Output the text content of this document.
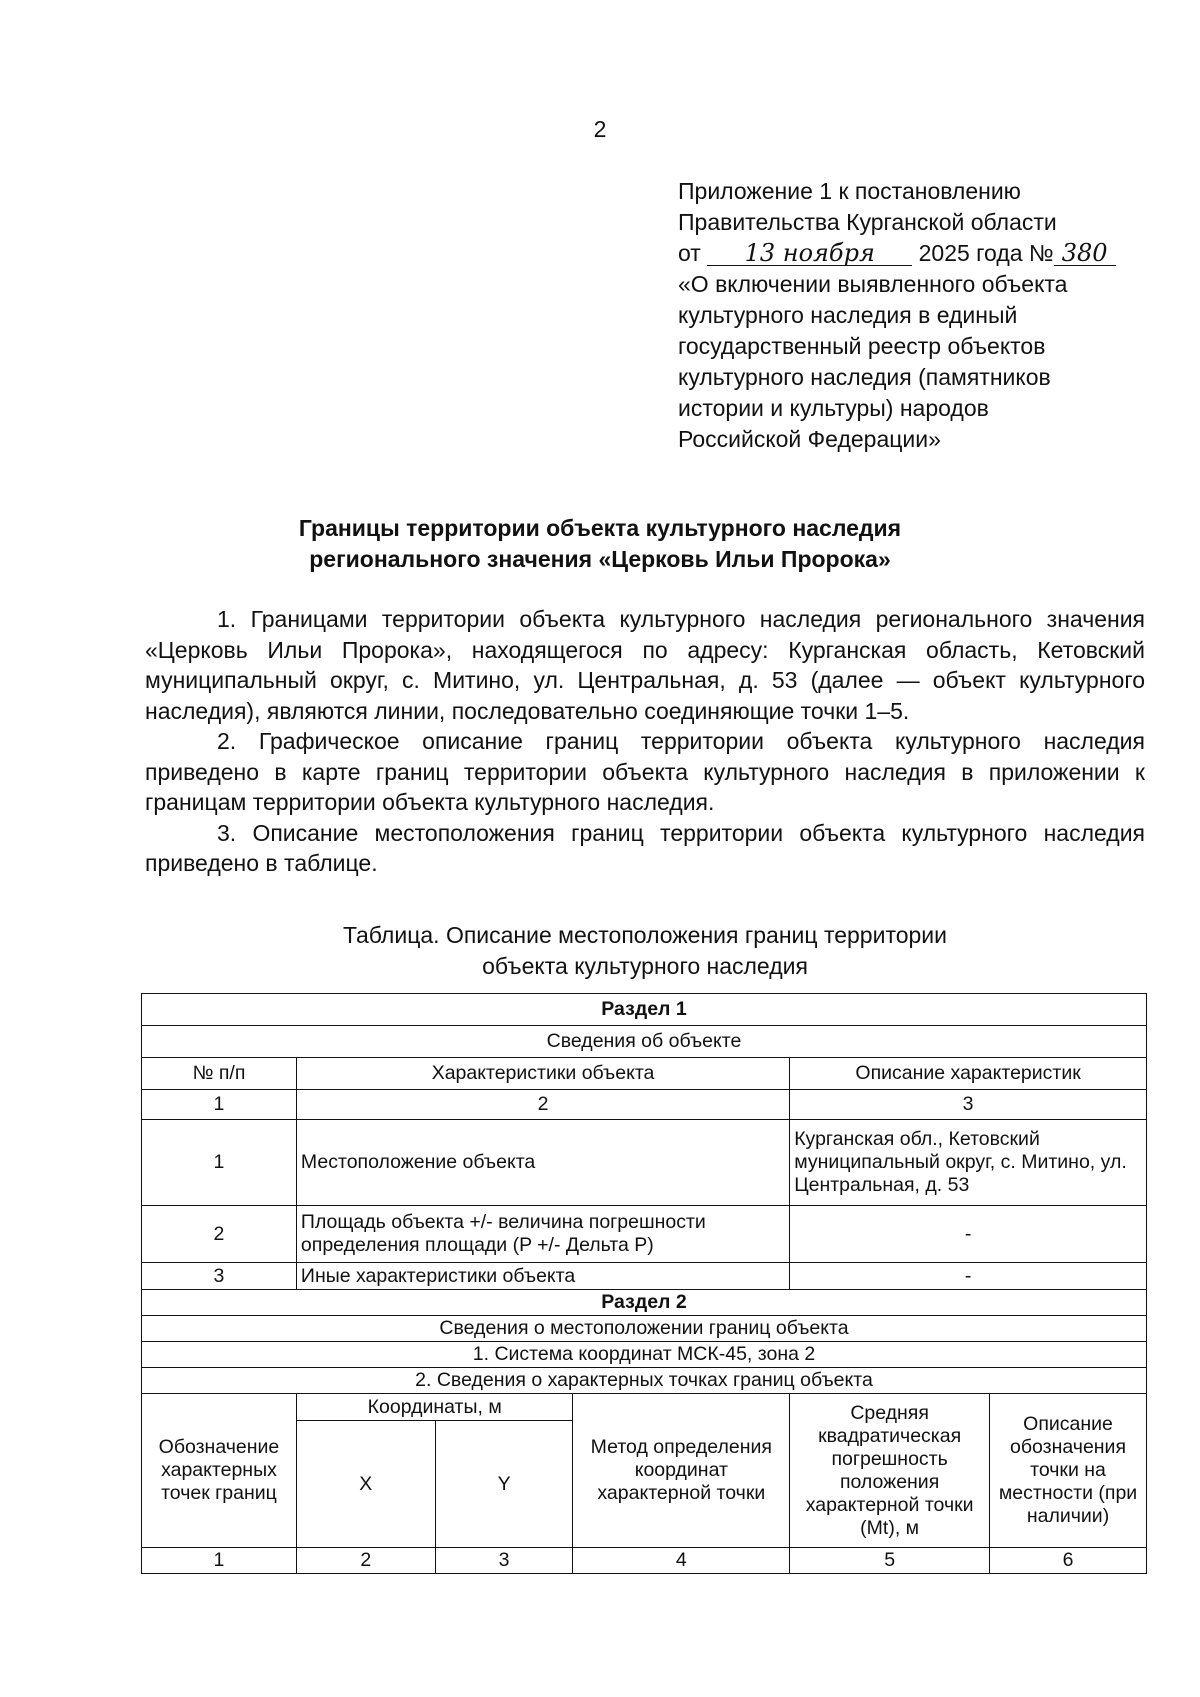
2
Приложение 1 к постановлению
Правительства Курганской области
от 13 ноября 2025 года № 380
«О включении выявленного объекта
культурного наследия в единый
государственный реестр объектов
культурного наследия (памятников
истории и культуры) народов
Российской Федерации»
Границы территории объекта культурного наследия
регионального значения «Церковь Ильи Пророка»

1. Границами территории объекта культурного наследия регионального значения «Церковь Ильи Пророка», находящегося по адресу: Курганская область, Кетовский муниципальный округ, с. Митино, ул. Центральная, д. 53 (далее — объект культурного наследия), являются линии, последовательно соединяющие точки 1–5.

2. Графическое описание границ территории объекта культурного наследия приведено в карте границ территории объекта культурного наследия в приложении к границам территории объекта культурного наследия.

3. Описание местоположения границ территории объекта культурного наследия приведено в таблице.

Таблица. Описание местоположения границ территории
объекта культурного наследия
Раздел 1					
Сведения об объекте					
№ п/п	Характеристики объекта			Описание характеристик	
1	2			3	
1	Местоположение объекта			Курганская обл., Кетовский муниципальный округ, с. Митино, ул. Центральная, д. 53	
2	Площадь объекта +/- величина погрешности определения площади (P +/- Дельта P)			-	
3	Иные характеристики объекта			-	
Раздел 2					
Сведения о местоположении границ объекта					
1. Система координат МСК-45, зона 2					
2. Сведения о характерных точках границ объекта					
Обозначение характерных точек границ	Координаты, м		Метод определения координат характерной точки	Средняя квадратическая погрешность положения характерной точки (Mt), м	Описание обозначения точки на местности (при наличии)
	X	Y			
1	2	3	4	5	6
